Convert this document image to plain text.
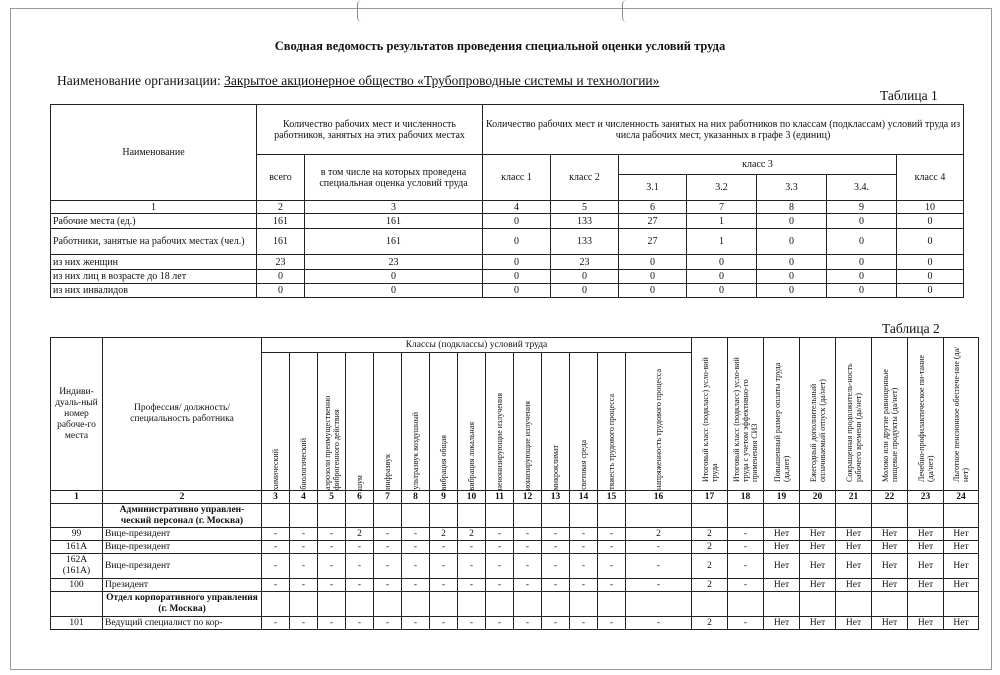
Сводная ведомость результатов проведения специальной оценки условий труда
Наименование организации: Закрытое акционерное общество «Трубопроводные системы и технологии»
Таблица 1
Наименование	Количество рабочих мест и численность работников, занятых на этих рабочих местах		Количество рабочих мест и численность занятых на них работников по классам (подклассам) условий труда из числа рабочих мест, указанных в графе 3 (единиц)						
	всего	в том числе на которых проведена специальная оценка условий труда	класс 1	класс 2	класс 3				класс 4
					3.1	3.2	3.3	3.4.	
1	2	3	4	5	6	7	8	9	10
Рабочие места (ед.)	161	161	0	133	27	1	0	0	0
Работники, занятые на рабочих местах (чел.)	161	161	0	133	27	1	0	0	0
из них женщин	23	23	0	23	0	0	0	0	0
из них лиц в возрасте до 18 лет	0	0	0	0	0	0	0	0	0
из них инвалидов	0	0	0	0	0	0	0	0	0
Таблица 2
Индиви-дуаль-ный номер рабоче-го места	Профессия/ должность/ специальность работника	Классы (подклассы) условий труда														Итоговый класс (подкласс) усло-вий труда	Итоговый класс (подкласс) усло-вий труда с учетом эффективно-го применения СИЗ	Повышенный размер оплаты труда (да,нет)	Ежегодный дополнительный оплачиваемый отпуск (да/нет)	Сокращенная продолжитель-ность рабочего времени (да/нет)	Молоко или другие равноценные пищевые продукты (да/нет)	Лечебно-профилактическое пи-тание (да/нет)	Льготное пенсионное обеспече-ние (да/нет)

		химический	биологический	аэрозоли преимущественно фиброгенного действия	шум	инфразвук	ультразвук воздушный	вибрация общая	вибрация локальная	неионизирующие излучения	ионизирующие излучения	микроклимат	световая среда	тяжесть трудового процесса	напряженность трудового процесса								

1	2	3	4	5	6	7	8	9	10	11	12	13	14	15	16	17	18	19	20	21	22	23	24
	Административно управлен-ческий персонал (г. Москва)																						
99	Вице-президент	-	-	-	2	-	-	2	2	-	-	-	-	-	2	2	-	Нет	Нет	Нет	Нет	Нет	Нет
161А	Вице-президент	-	-	-	-	-	-	-	-	-	-	-	-	-	-	2	-	Нет	Нет	Нет	Нет	Нет	Нет
162А (161А)	Вице-президент	-	-	-	-	-	-	-	-	-	-	-	-	-	-	2	-	Нет	Нет	Нет	Нет	Нет	Нет
100	Президент	-	-	-	-	-	-	-	-	-	-	-	-	-	-	2	-	Нет	Нет	Нет	Нет	Нет	Нет
	Отдел корпоративного управления (г. Москва)																						
101	Ведущий специалист по кор-	-	-	-	-	-	-	-	-	-	-	-	-	-	-	2	-	Нет	Нет	Нет	Нет	Нет	Нет
